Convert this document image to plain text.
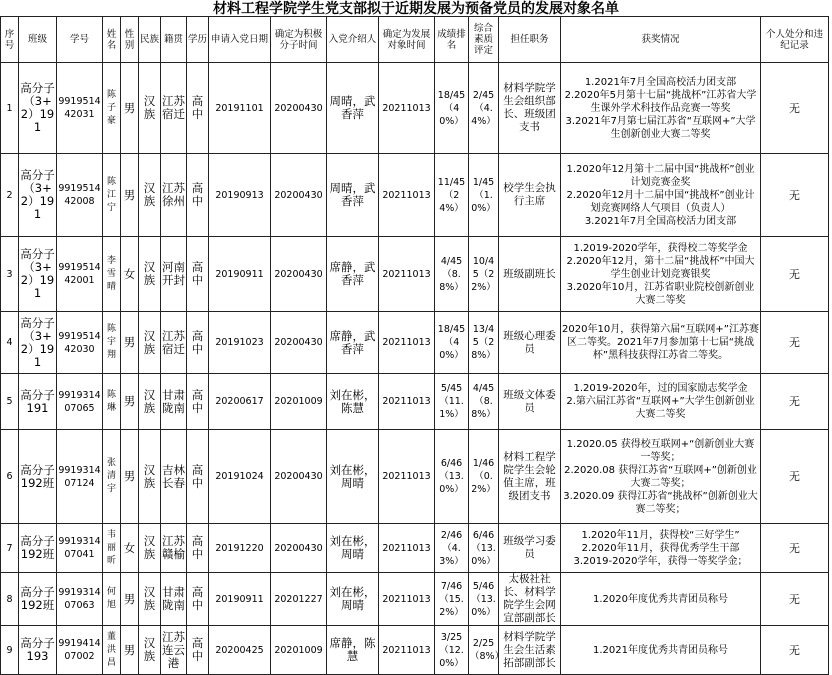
材料工程学院学生党支部拟于近期发展为预备党员的发展对象名单
序号	班级	学号	姓名	性别	民族	籍贯	学历	申请入党日期	确定为积极分子时间	入党介绍人	确定为发展对象时间	成绩排名	综合素质评定	担任职务	获奖情况	个人处分和违纪记录
1	高分子（3+2）191	991951442031	陈子豪	男	汉族	江苏宿迁	高中	20191101	20200430	周晴，武香萍	20211013	18/45（40%）	2/45（4.4%）	材料学院学生会组织部长、班级团支书	1.2021年7月全国高校活力团支部
2.2020年5月第十七届“挑战杯”江苏省大学生课外学术科技作品竞赛一等奖
3.2021年7月第七届江苏省“互联网+”大学生创新创业大赛二等奖	无
2	高分子（3+2）191	991951442008	陈江宁	男	汉族	江苏徐州	高中	20190913	20200430	周晴，武香萍	20211013	11/45（24%）	1/45（1.0%）	校学生会执行主席	1.2020年12月第十二届中国“挑战杯”创业计划竞赛金奖
2.2020年12月十二届中国“挑战杯”创业计划竞赛网络人气项目（负责人）
3.2021年7月全国高校活力团支部	无
3	高分子（3+2）191	991951442001	李雪晴	女	汉族	河南开封	高中	20190911	20200430	席静，武香萍	20211013	4/45（8.8%）	10/45（22%）	班级副班长	1.2019-2020学年，获得校二等奖学金
2.2020年12月，第十二届“挑战杯”中国大学生创业计划竞赛银奖
3.2020年10月，江苏省职业院校创新创业大赛二等奖	无
4	高分子（3+2）191	991951442030	陈宇翔	男	汉族	江苏宿迁	高中	20191023	20200430	席静，武香萍	20211013	18/45（40%）	13/45（28%）	班级心理委员	2020年10月，获得第六届“互联网+”江苏赛区二等奖。2021年7月参加第十七届“挑战杯”黑科技获得江苏省二等奖。	无
5	高分子191	991931407065	陈琳	男	汉族	甘肃陇南	高中	20200617	20201009	刘在彬，陈慧	20211013	5/45（11.1%）	4/45（8.8%）	班级文体委员	1.2019-2020年，过的国家励志奖学金
2.第六届江苏省“互联网+”大学生创新创业大赛二等奖	无
6	高分子192班	991931407124	张清宇	男	汉族	吉林长春	高中	20191024	20200430	刘在彬，周晴	20211013	6/46（13.0%）	1/46（0.2%）	材料工程学院学生会轮值主席，班级团支书	1.2020.05 获得校互联网+“创新创业大赛一等奖；
2.2020.08 获得江苏省“互联网+”创新创业大赛二等奖；
3.2020.09 获得江苏省“挑战杯”创新创业大赛二等奖；	无
7	高分子192班	991931407041	韦丽昕	女	汉族	江苏赣榆	高中	20191220	20200430	刘在彬，周晴	20211013	2/46（4.3%）	6/46（13.0%）	班级学习委员	1.2020年11月，获得校“三好学生”
2.2020年11月，获得优秀学生干部
3.2019-2020学年，获得一等奖学金；	无
8	高分子192班	991931407063	何旭	男	汉族	甘肃陇南	高中	20190911	20201227	刘在彬，周晴	20211013	7/46（15.2%）	5/46（13.0%）	太极社社长、材料学院学生会网宣部副部长	1.2020年度优秀共青团员称号	无
9	高分子193	991941407002	董洪昌	男	汉族	江苏连云港	高中	20200425	20201009	席静，陈慧	20211013	3/25（12.0%）	2/25（8%）	材料学院学生会生活素拓部副部长	1.2021年度优秀共青团员称号	无
